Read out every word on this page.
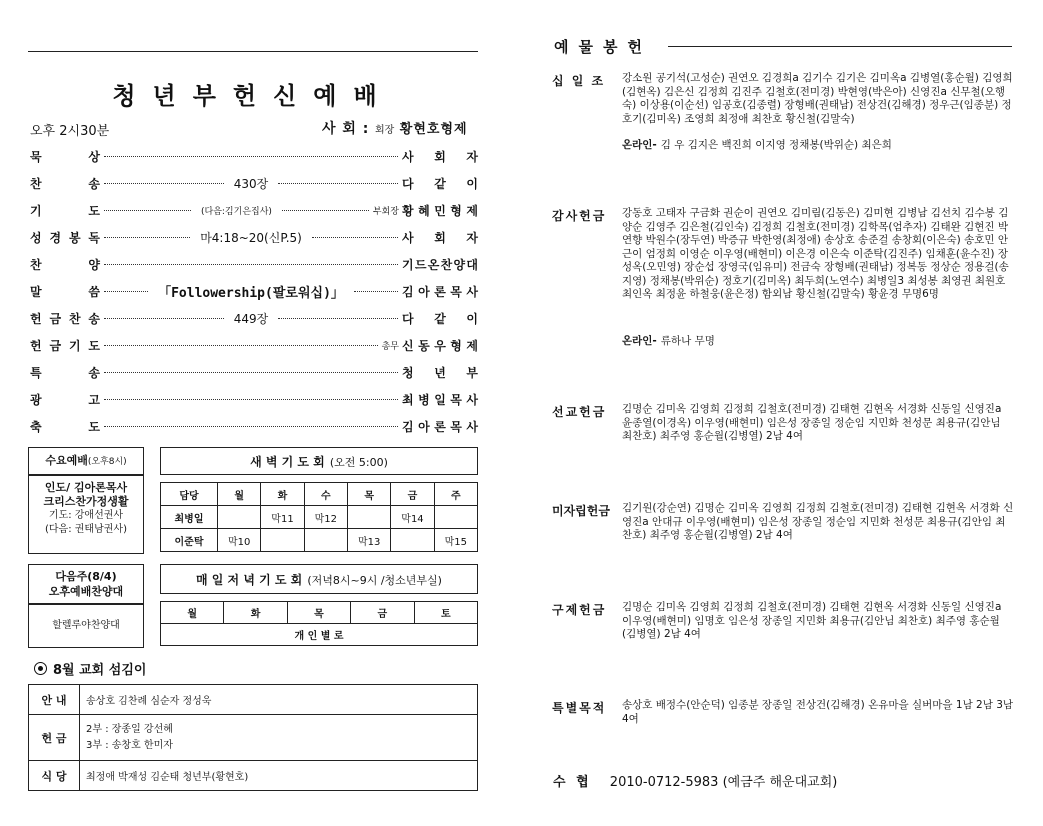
청년부헌신예배
오후 2시30분	사 회 : 회장 황현호형제
묵	상	사 회 자
찬	송	430장	다 같 이
기	도	(다음:김기은집사)	부회장 황 혜 민 형 제
성 경 봉 독	마4:18~20(신P.5)	사 회 자
찬	양	기 드 온 찬 양 대
말	씀	「Followership(팔로워십)」	김 아 론 목 사
헌 금 찬 송	449장	다 같 이
헌 금 기 도	총무 신 동 우 형 제
특	송	청 년 부
광	고	최 병 일 목 사
축	도	김 아 론 목 사
수요예배(오후8시)
인도/ 김아론목사
크리스찬가정생활
기도: 강애선권사
(다음: 권태남권사)
새 벽 기 도 회 (오전 5:00)
담당	월	화	수	목	금	주
최병일		막11	막12		막14	
이준탁	막10			막13		막15
다음주(8/4)
오후예배찬양대
할렐루야찬양대
매 일 저 녁 기 도 회 (저녁8시~9시 /청소년부실)
월	화	목	금	토
개 인 별 로
8월 교회 섬김이
안 내	송상호 김찬례 심순자 정성욱
헌 금	2부 : 장종일 강선혜
3부 : 송창호 한미자

식 당	최정애 박재성 김순태 청년부(황현호)
예물봉헌
십 일 조 강소원 공기석(고성순) 권연오 김경희a 김기수 김기은 김미옥a 김병열(홍순월) 김영희(김현옥) 김은신 김정희 김진주 김철호(전미경) 박현영(박은아) 신영진a 신무철(오행숙) 이상용(이순선) 임공호(김종렬) 장형배(권태남) 전상건(김해경) 정우근(임종분) 정호기(김미옥) 조영희 최정애 최찬호 황신철(김말숙)
온라인- 김 우 김지은 백진희 이지영 정채봉(박위순) 최은희
감사헌금 강동호 고태자 구금화 권순이 권연오 김미림(김동은) 김미현 김병남 김선치 김수봉 김양순 김영주 김은철(김인숙) 김정희 김철호(전미경) 김학목(엄추자) 김태완 김현진 박연향 박원수(장두연) 박증규 박한영(최정애) 송상호 송준걸 송창회(이은숙) 송호민 안근이 엄정희 이영순 이우영(배현미) 이은경 이은숙 이준탁(김진주) 임채훈(윤수진) 장성옥(오민영) 장순섭 장영국(임유미) 전금숙 장형배(권태남) 정복동 정상순 정용걸(송지영) 정채봉(박위순) 정호기(김미옥) 최두희(노연수) 최병일3 최성봉 최영권 최원호 최인옥 최정윤 하철웅(윤은정) 함외남 황신철(김말숙) 황윤경 무명6명
온라인- 류하나 무명
선교헌금 김명순 김미옥 김영희 김정희 김철호(전미경) 김태현 김현옥 서경화 신동일 신영진a 윤종열(이경옥) 이우영(배현미) 임은성 장종일 정순임 지민화 천성문 최용규(김안님 최찬호) 최주영 홍순월(김병열) 2남 4여
미자립헌금 김기원(강순연) 김명순 김미옥 김영희 김정희 김철호(전미경) 김태현 김현옥 서경화 신영진a 안대규 이우영(배현미) 임은성 장종일 정순임 지민화 천성문 최용규(김안임 최찬호) 최주영 홍순월(김병열) 2남 4여
구제헌금 김명순 김미옥 김영희 김정희 김철호(전미경) 김태현 김현옥 서경화 신동일 신영진a 이우영(배현미) 임명호 임은성 장종일 지민화 최용규(김안님 최찬호) 최주영 홍순월(김병열) 2남 4여
특별목적 송상호 배정수(안순덕) 임종분 장종일 전상건(김해경) 온유마을 실버마을 1남 2남 3남 4여
수 협 2010-0712-5983 (예금주 해운대교회)
